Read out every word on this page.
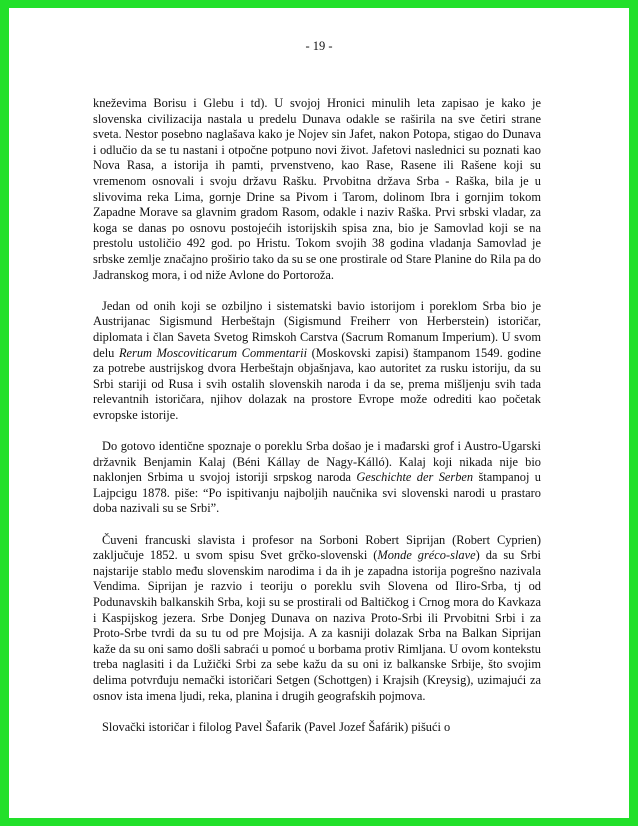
- 19 -

kneževima Borisu i Glebu i td). U svojoj Hronici minulih leta zapisao je kako je slovenska civilizacija nastala u predelu Dunava odakle se raširila na sve četiri strane sveta. Nestor posebno naglašava kako je Nojev sin Jafet, nakon Potopa, stigao do Dunava i odlučio da se tu nastani i otpočne potpuno novi život. Jafetovi naslednici su poznati kao Nova Rasa, a istorija ih pamti, prvenstveno, kao Rase, Rasene ili Rašene koji su vremenom osnovali i svoju državu Rašku. Prvobitna država Srba - Raška, bila je u slivovima reka Lima, gornje Drine sa Pivom i Tarom, dolinom Ibra i gornjim tokom Zapadne Morave sa glavnim gradom Rasom, odakle i naziv Raška. Prvi srbski vladar, za koga se danas po osnovu postojećih istorijskih spisa zna, bio je Samovlad koji se na prestolu ustoličio 492 god. po Hristu. Tokom svojih 38 godina vladanja Samovlad je srbske zemlje značajno proširio tako da su se one prostirale od Stare Planine do Rila pa do Jadranskog mora, i od niže Avlone do Portoroža.

Jedan od onih koji se ozbiljno i sistematski bavio istorijom i poreklom Srba bio je Austrijanac Sigismund Herbeštajn (Sigismund Freiherr von Herberstein) istoričar, diplomata i član Saveta Svetog Rimskoh Carstva (Sacrum Romanum Imperium). U svom delu Rerum Moscoviticarum Commentarii (Moskovski zapisi) štampanom 1549. godine za potrebe austrijskog dvora Herbeštajn objašnjava, kao autoritet za rusku istoriju, da su Srbi stariji od Rusa i svih ostalih slovenskih naroda i da se, prema mišljenju svih tada relevantnih istoričara, njihov dolazak na prostore Evrope može odrediti kao početak evropske istorije.

Do gotovo identične spoznaje o poreklu Srba došao je i mađarski grof i Austro-Ugarski državnik Benjamin Kalaj (Béni Kállay de Nagy-Kálló). Kalaj koji nikada nije bio naklonjen Srbima u svojoj istoriji srpskog naroda Geschichte der Serben štampanoj u Lajpcigu 1878. piše: “Po ispitivanju najboljih naučnika svi slovenski narodi u prastaro doba nazivali su se Srbi”.

Čuveni francuski slavista i profesor na Sorboni Robert Siprijan (Robert Cyprien) zaključuje 1852. u svom spisu Svet grčko-slovenski (Monde gréco-slave) da su Srbi najstarije stablo među slovenskim narodima i da ih je zapadna istorija pogrešno nazivala Vendima. Siprijan je razvio i teoriju o poreklu svih Slovena od Iliro-Srba, tj od Podunavskih balkanskih Srba, koji su se prostirali od Baltičkog i Crnog mora do Kavkaza i Kaspijskog jezera. Srbe Donjeg Dunava on naziva Proto-Srbi ili Prvobitni Srbi i za Proto-Srbe tvrdi da su tu od pre Mojsija. A za kasniji dolazak Srba na Balkan Siprijan kaže da su oni samo došli sabraći u pomoć u borbama protiv Rimljana. U ovom kontekstu treba naglasiti i da Lužički Srbi za sebe kažu da su oni iz balkanske Srbije, što svojim delima potvrđuju nemački istoričari Setgen (Schottgen) i Krajsih (Kreysig), uzimajući za osnov ista imena ljudi, reka, planina i drugih geografskih pojmova.

Slovački istoričar i filolog Pavel Šafarik (Pavel Jozef Šafárik) pišući o
